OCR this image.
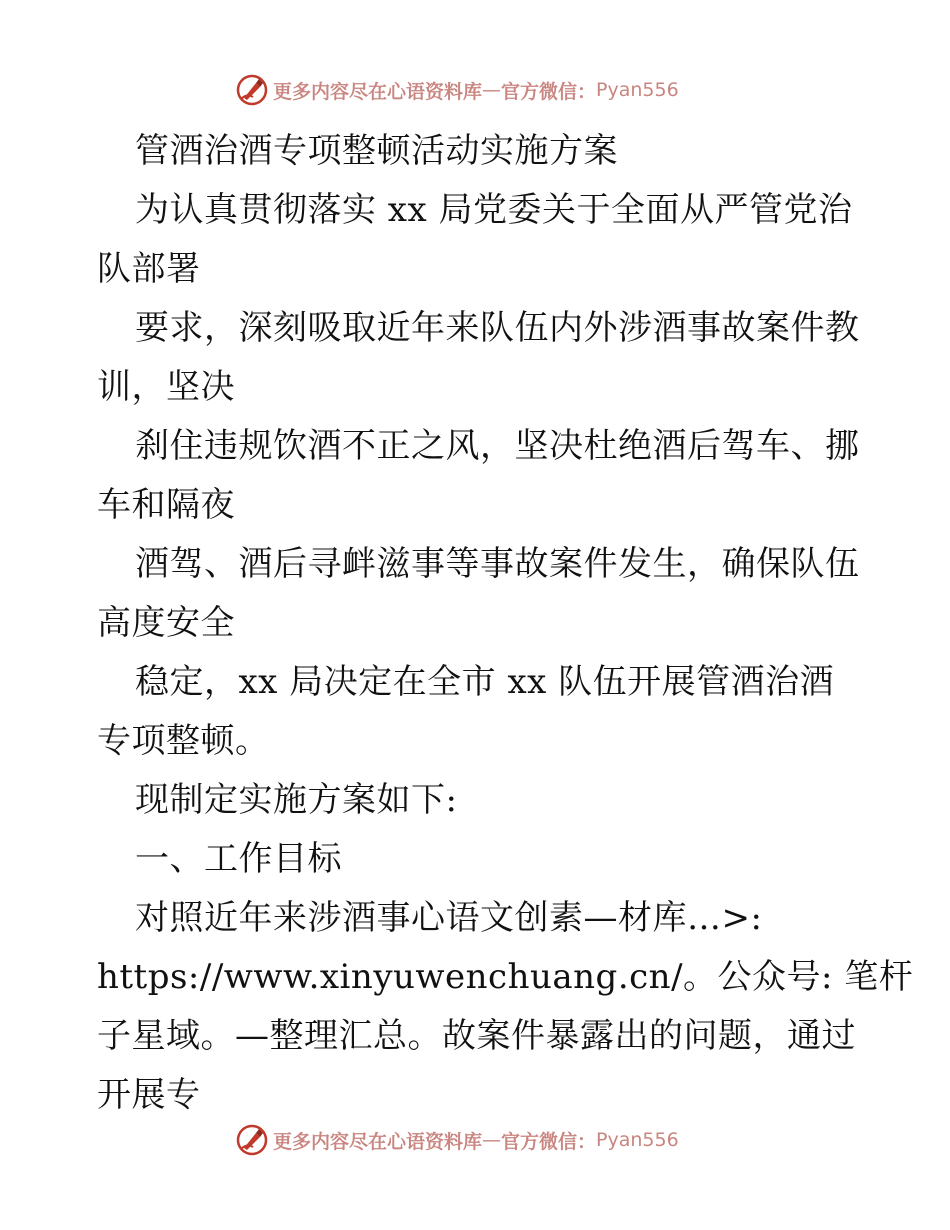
更多内容尽在心语资料库 — 官方微信： Pyan556
管酒治酒专项整顿活动实施方案
为认真贯彻落实 xx 局党委关于全面从严管党治
队部署
要求，深刻吸取近年来队伍内外涉酒事故案件教
训，坚决
刹住违规饮酒不正之风，坚决杜绝酒后驾车、挪
车和隔夜
酒驾、酒后寻衅滋事等事故案件发生，确保队伍
高度安全
稳定，xx 局决定在全市 xx 队伍开展管酒治酒
专项整顿。
现制定实施方案如下:
一、工作目标
对照近年来涉酒事心语文创素—材库…>:
https://www.xinyuwenchuang.cn/。公众号: 笔杆
子星域。—整理汇总。故案件暴露出的问题，通过
开展专
更多内容尽在心语资料库 — 官方微信： Pyan556
